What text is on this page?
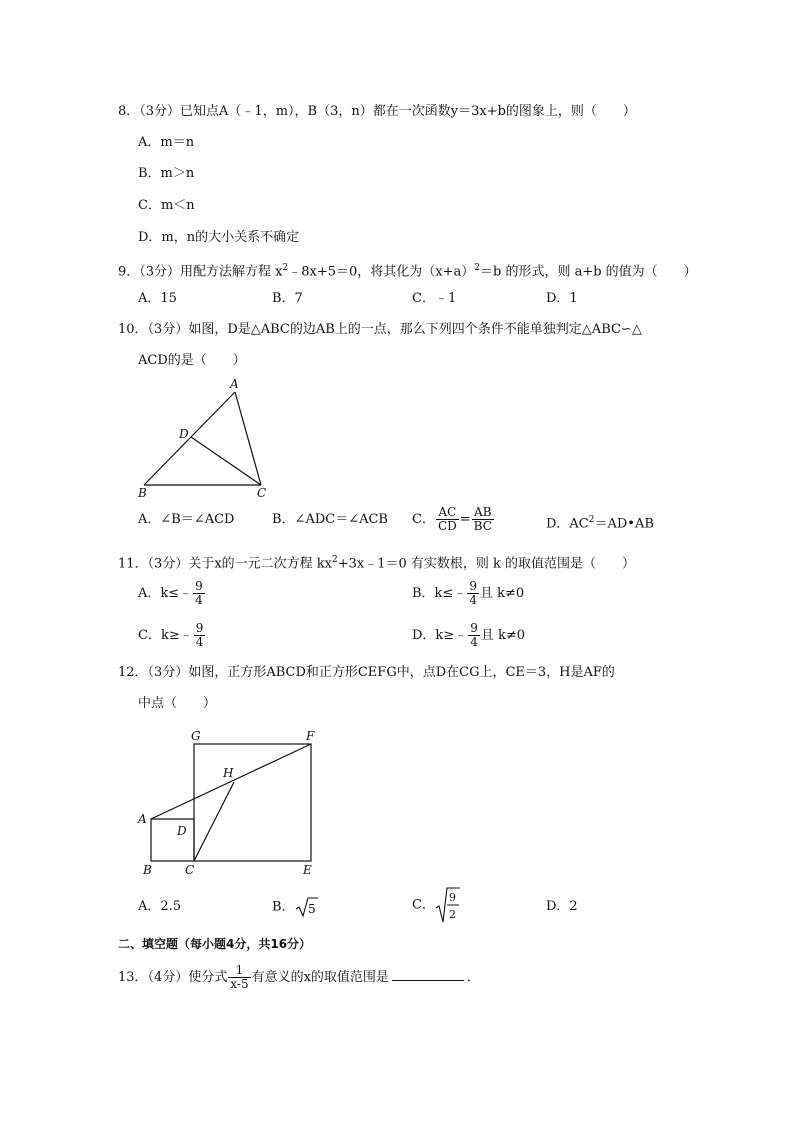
8．（3分）已知点A（﹣1，m），B（3，n）都在一次函数y＝3x+b的图象上，则（　　）
A．m＝n
B．m＞n
C．m＜n
D．m，n的大小关系不确定
9．（3分）用配方法解方程 $x^2﹣8x+5=0$，将其化为$(x+a)^2=b$ 的形式，则 a+b 的值为（　　）
A．15	B．7	C．﹣1	D．1
10．（3分）如图，D是△ABC的边AB上的一点，那么下列四个条件不能单独判定△ABC∽△
ACD的是（　　）
A
D
B	C
A．∠B＝∠ACD	B．∠ADC＝∠ACB C． $\frac{AC}{CD} = \frac{AB}{BC}$	D．$AC^2=AD•AB$
11．（3分）关于x的一元二次方程 $kx^2+3x﹣1=0$ 有实数根，则 k 的取值范围是（　　）
A．k≤﹣ $\frac{9}{4}$	B．k≤﹣ $\frac{9}{4}$ 且 k≠0
C．k≥﹣ $\frac{9}{4}$	D．k≥﹣ $\frac{9}{4}$ 且 k≠0
12．（3分）如图，正方形ABCD和正方形CEFG中，点D在CG上，CE＝3，H是AF的
中点（　　）
G	F
H
A
D
B	C	E
A．2.5	B． 5	C．
9
2	D．2
二、填空题（每小题4分，共16分）
13．（4分）使分式 $\frac{1}{x-5}$ 有意义的x的取值范围是	．
